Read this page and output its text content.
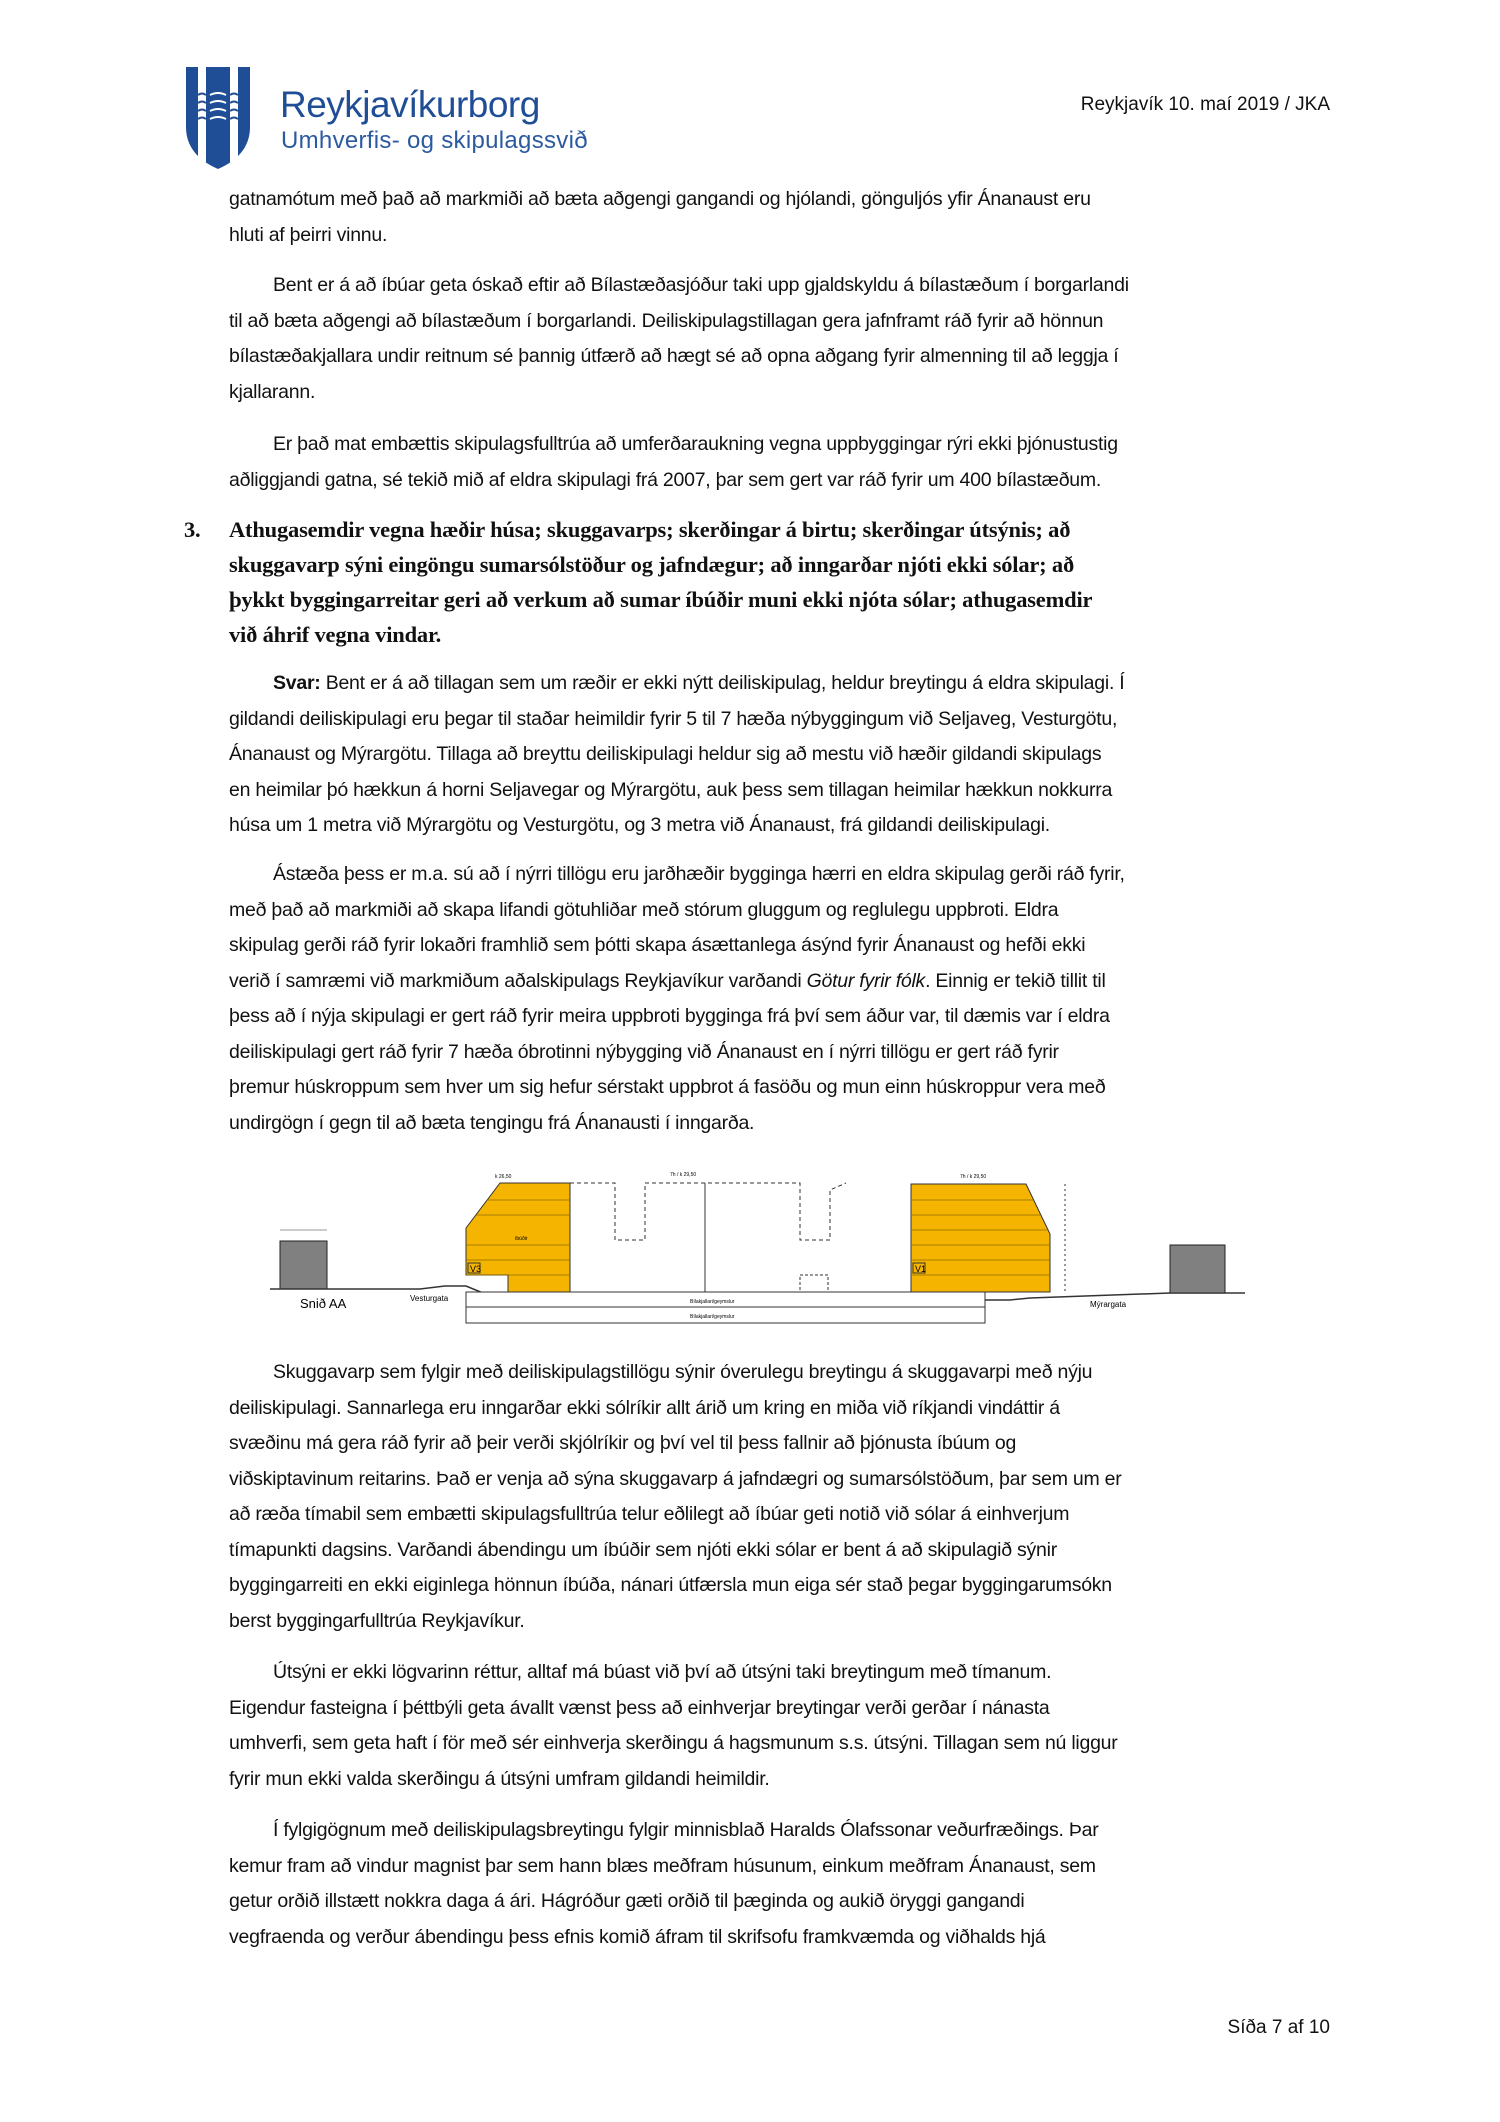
Reykjavíkurborg
Umhverfis- og skipulagssvið
Reykjavík 10. maí 2019 / JKA
gatnamótum með það að markmiði að bæta aðgengi gangandi og hjólandi, gönguljós yfir Ánanaust eru
hluti af þeirri vinnu.
Bent er á að íbúar geta óskað eftir að Bílastæðasjóður taki upp gjaldskyldu á bílastæðum í borgarlandi
til að bæta aðgengi að bílastæðum í borgarlandi. Deiliskipulagstillagan gera jafnframt ráð fyrir að hönnun
bílastæðakjallara undir reitnum sé þannig útfærð að hægt sé að opna aðgang fyrir almenning til að leggja í
kjallarann.
Er það mat embættis skipulagsfulltrúa að umferðaraukning vegna uppbyggingar rýri ekki þjónustustig
aðliggjandi gatna, sé tekið mið af eldra skipulagi frá 2007, þar sem gert var ráð fyrir um 400 bílastæðum.
3.	Athugasemdir vegna hæðir húsa; skuggavarps; skerðingar á birtu; skerðingar útsýnis; að
skuggavarp sýni eingöngu sumarsólstöður og jafndægur; að inngarðar njóti ekki sólar; að
þykkt byggingarreitar geri að verkum að sumar íbúðir muni ekki njóta sólar; athugasemdir
við áhrif vegna vindar.
Svar: Bent er á að tillagan sem um ræðir er ekki nýtt deiliskipulag, heldur breytingu á eldra skipulagi. Í
gildandi deiliskipulagi eru þegar til staðar heimildir fyrir 5 til 7 hæða nýbyggingum við Seljaveg, Vesturgötu,
Ánanaust og Mýrargötu. Tillaga að breyttu deiliskipulagi heldur sig að mestu við hæðir gildandi skipulags
en heimilar þó hækkun á horni Seljavegar og Mýrargötu, auk þess sem tillagan heimilar hækkun nokkurra
húsa um 1 metra við Mýrargötu og Vesturgötu, og 3 metra við Ánanaust, frá gildandi deiliskipulagi.
Ástæða þess er m.a. sú að í nýrri tillögu eru jarðhæðir bygginga hærri en eldra skipulag gerði ráð fyrir,
með það að markmiði að skapa lifandi götuhliðar með stórum gluggum og reglulegu uppbroti. Eldra
skipulag gerði ráð fyrir lokaðri framhlið sem þótti skapa ásættanlega ásýnd fyrir Ánanaust og hefði ekki
verið í samræmi við markmiðum aðalskipulags Reykjavíkur varðandi Götur fyrir fólk. Einnig er tekið tillit til
þess að í nýja skipulagi er gert ráð fyrir meira uppbroti bygginga frá því sem áður var, til dæmis var í eldra
deiliskipulagi gert ráð fyrir 7 hæða óbrotinni nýbygging við Ánanaust en í nýrri tillögu er gert ráð fyrir
þremur húskroppum sem hver um sig hefur sérstakt uppbrot á fasöðu og mun einn húskroppur vera með
undirgögn í gegn til að bæta tengingu frá Ánanausti í inngarða.
V3
íbúðir
k 26,50	7h / k 29,50
V1
7h / k 29,50
Bílakjallari/geymslur
Bílakjallari/geymslur
Snið AA	Vesturgata
Mýrargata
Skuggavarp sem fylgir með deiliskipulagstillögu sýnir óverulegu breytingu á skuggavarpi með nýju
deiliskipulagi. Sannarlega eru inngarðar ekki sólríkir allt árið um kring en miða við ríkjandi vindáttir á
svæðinu má gera ráð fyrir að þeir verði skjólríkir og því vel til þess fallnir að þjónusta íbúum og
viðskiptavinum reitarins. Það er venja að sýna skuggavarp á jafndægri og sumarsólstöðum, þar sem um er
að ræða tímabil sem embætti skipulagsfulltrúa telur eðlilegt að íbúar geti notið við sólar á einhverjum
tímapunkti dagsins. Varðandi ábendingu um íbúðir sem njóti ekki sólar er bent á að skipulagið sýnir
byggingarreiti en ekki eiginlega hönnun íbúða, nánari útfærsla mun eiga sér stað þegar byggingarumsókn
berst byggingarfulltrúa Reykjavíkur.
Útsýni er ekki lögvarinn réttur, alltaf má búast við því að útsýni taki breytingum með tímanum.
Eigendur fasteigna í þéttbýli geta ávallt vænst þess að einhverjar breytingar verði gerðar í nánasta
umhverfi, sem geta haft í för með sér einhverja skerðingu á hagsmunum s.s. útsýni. Tillagan sem nú liggur
fyrir mun ekki valda skerðingu á útsýni umfram gildandi heimildir.
Í fylgigögnum með deiliskipulagsbreytingu fylgir minnisblað Haralds Ólafssonar veðurfræðings. Þar
kemur fram að vindur magnist þar sem hann blæs meðfram húsunum, einkum meðfram Ánanaust, sem
getur orðið illstætt nokkra daga á ári. Hágróður gæti orðið til þæginda og aukið öryggi gangandi
vegfraenda og verður ábendingu þess efnis komið áfram til skrifsofu framkvæmda og viðhalds hjá
Síða 7 af 10
